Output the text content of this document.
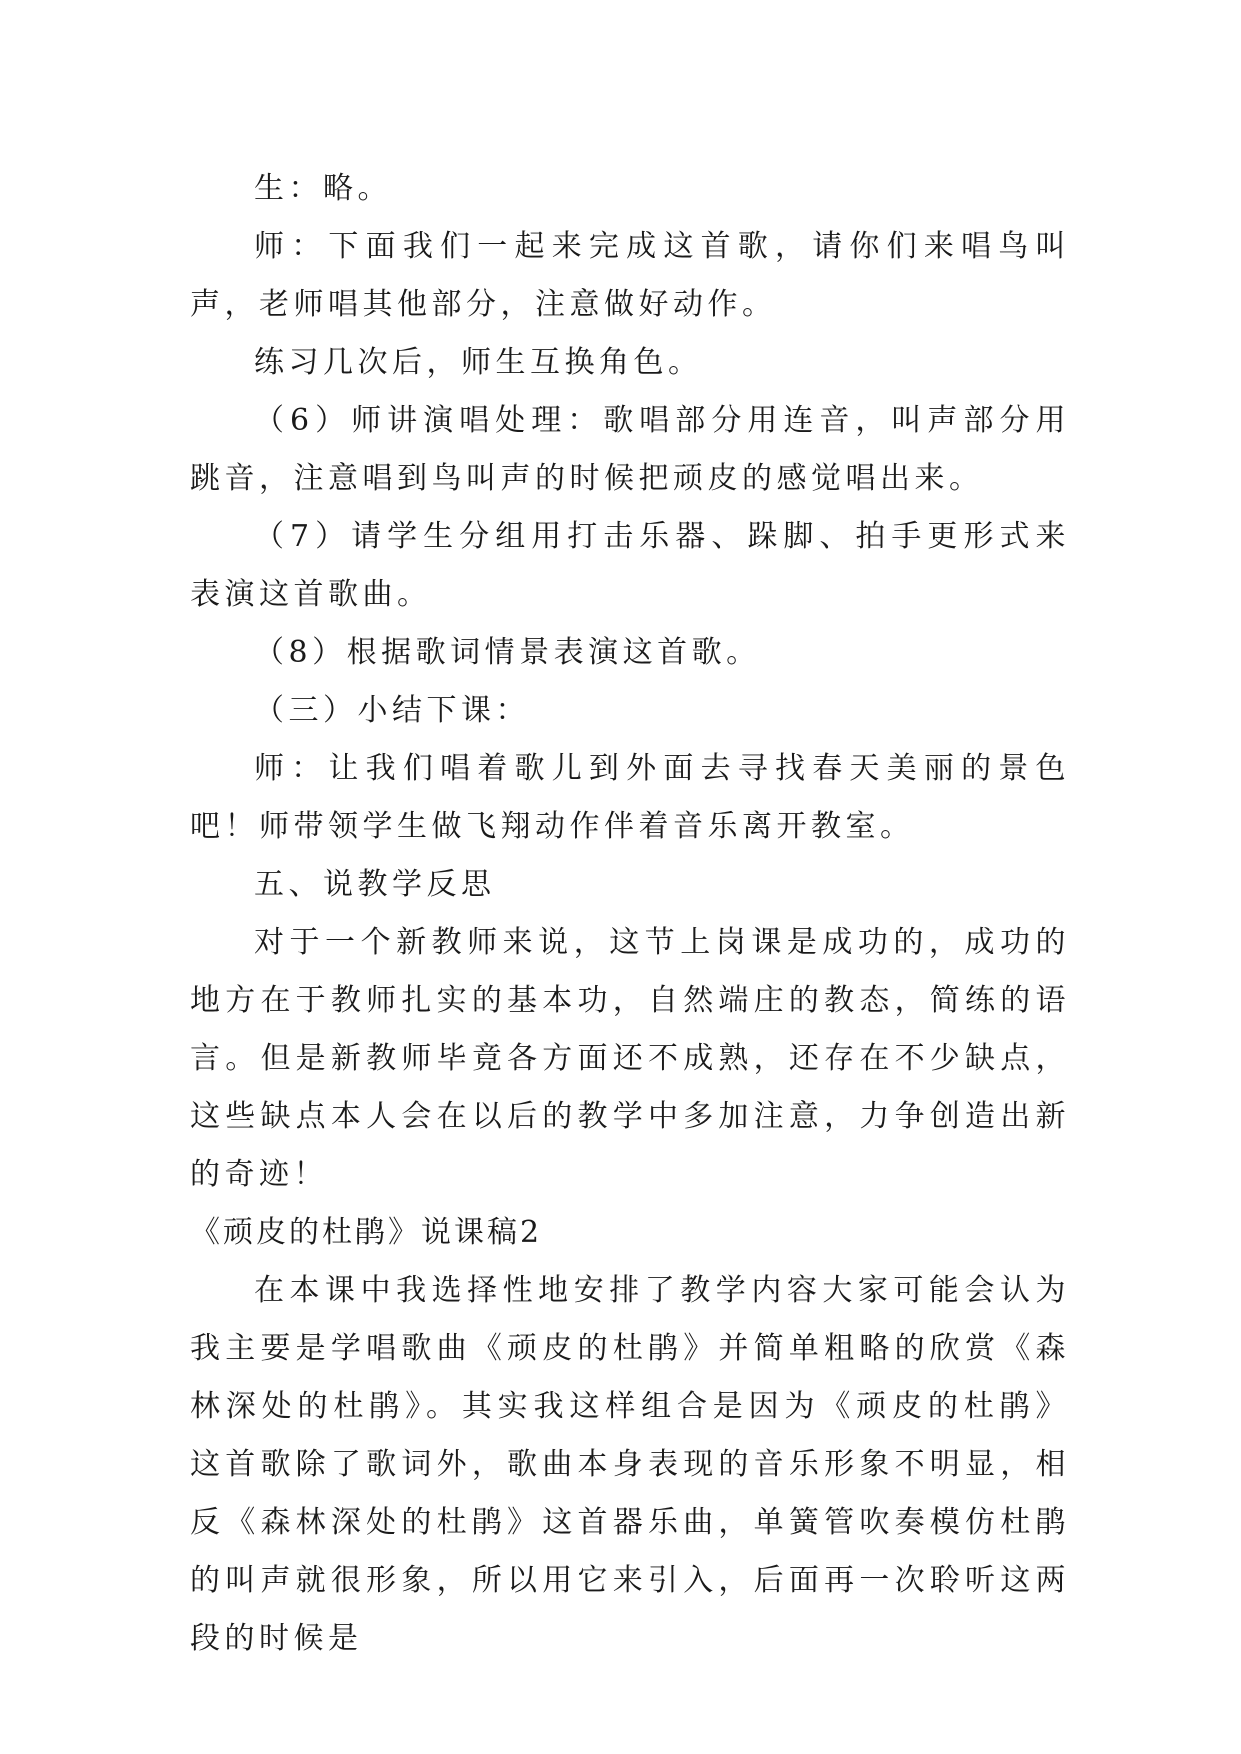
生：略。

师：下面我们一起来完成这首歌，请你们来唱鸟叫声，老师唱其他部分，注意做好动作。

练习几次后，师生互换角色。

（6）师讲演唱处理：歌唱部分用连音，叫声部分用跳音，注意唱到鸟叫声的时候把顽皮的感觉唱出来。

（7）请学生分组用打击乐器、跺脚、拍手更形式来表演这首歌曲。

（8）根据歌词情景表演这首歌。

（三）小结下课：

师：让我们唱着歌儿到外面去寻找春天美丽的景色吧！师带领学生做飞翔动作伴着音乐离开教室。

五、说教学反思

对于一个新教师来说，这节上岗课是成功的，成功的地方在于教师扎实的基本功，自然端庄的教态，简练的语言。但是新教师毕竟各方面还不成熟，还存在不少缺点，这些缺点本人会在以后的教学中多加注意，力争创造出新的奇迹！

《顽皮的杜鹃》说课稿2

在本课中我选择性地安排了教学内容大家可能会认为我主要是学唱歌曲《顽皮的杜鹃》并简单粗略的欣赏《森林深处的杜鹃》。其实我这样组合是因为《顽皮的杜鹃》这首歌除了歌词外，歌曲本身表现的音乐形象不明显，相反《森林深处的杜鹃》这首器乐曲，单簧管吹奏模仿杜鹃的叫声就很形象，所以用它来引入，后面再一次聆听这两段的时候是
